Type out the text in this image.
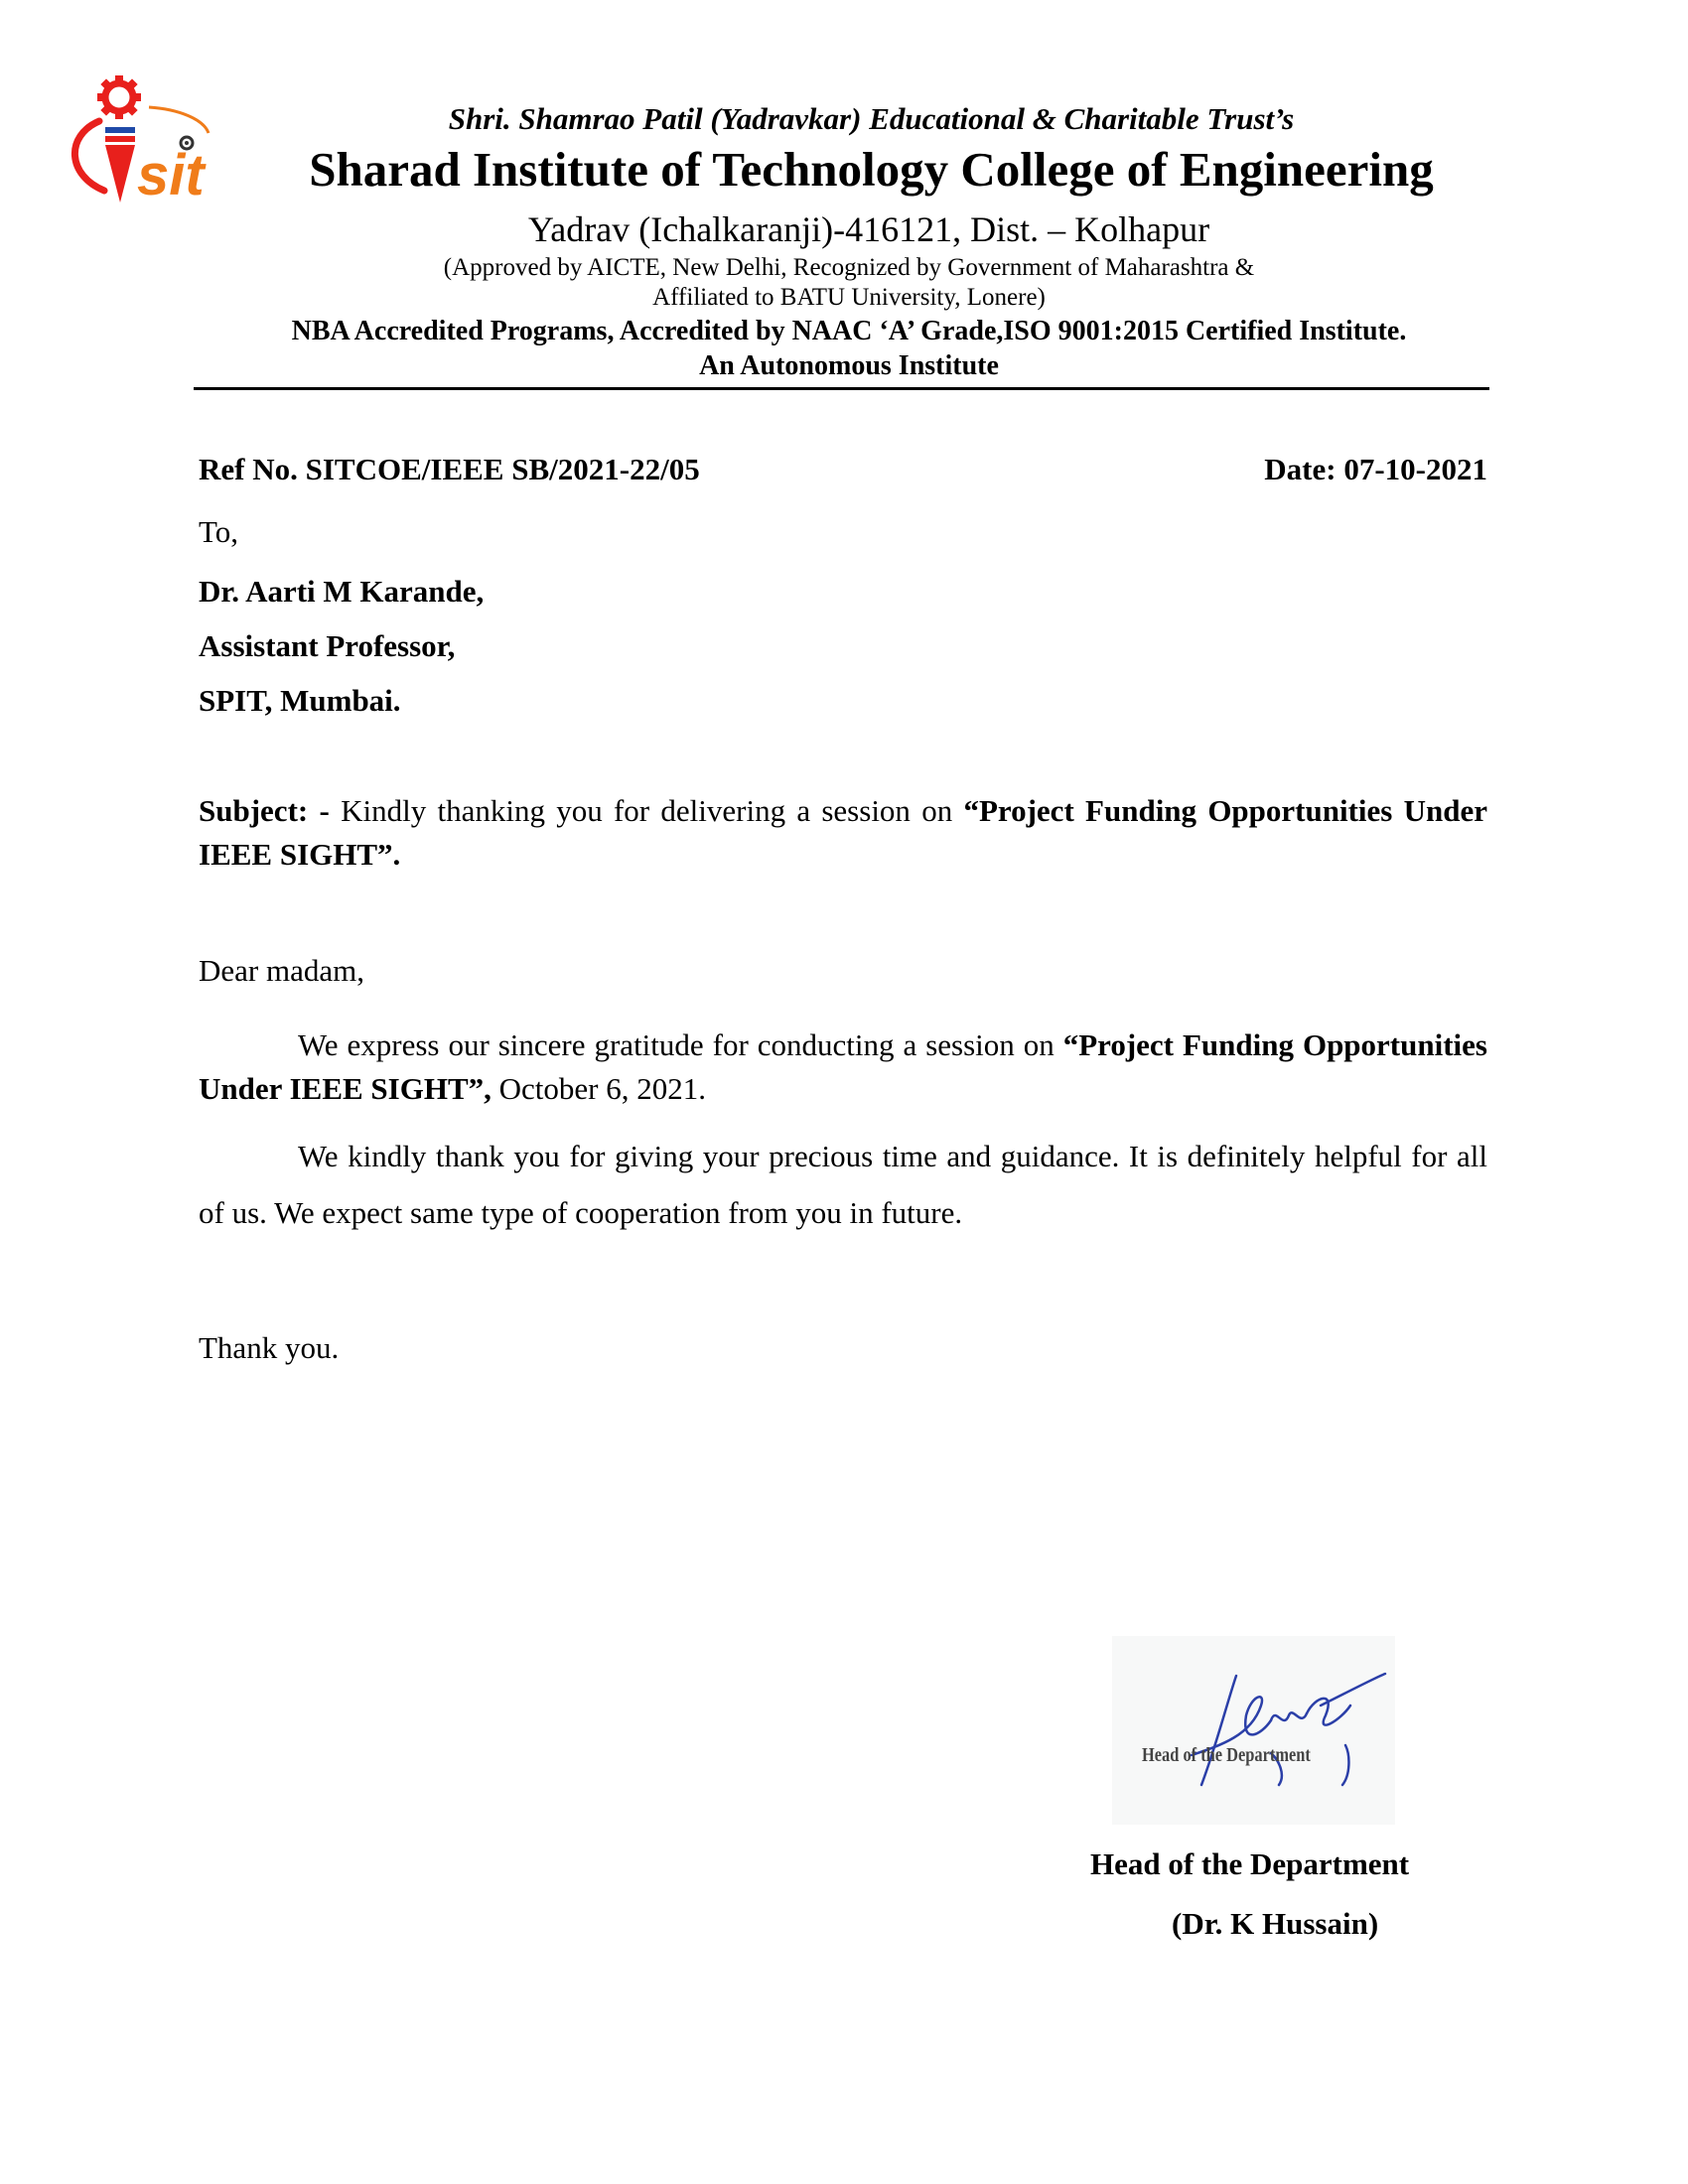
sit
Shri. Shamrao Patil (Yadravkar) Educational & Charitable Trust’s
Sharad Institute of Technology College of Engineering
Yadrav (Ichalkaranji)-416121, Dist. – Kolhapur
(Approved by AICTE, New Delhi, Recognized by Government of Maharashtra &
Affiliated to BATU University, Lonere)
NBA Accredited Programs, Accredited by NAAC ‘A’ Grade,ISO 9001:2015 Certified Institute.
An Autonomous Institute
Ref No. SITCOE/IEEE SB/2021-22/05	Date: 07-10-2021
To,
Dr. Aarti M Karande,
Assistant Professor,
SPIT, Mumbai.
Subject: - Kindly thanking you for delivering a session on “Project Funding Opportunities Under IEEE SIGHT”.
Dear madam,
We express our sincere gratitude for conducting a session on “Project Funding Opportunities Under IEEE SIGHT”, October 6, 2021.
We kindly thank you for giving your precious time and guidance. It is definitely helpful for all of us. We expect same type of cooperation from you in future.
Thank you.
Head of the Department
Head of the Department
(Dr. K Hussain)
